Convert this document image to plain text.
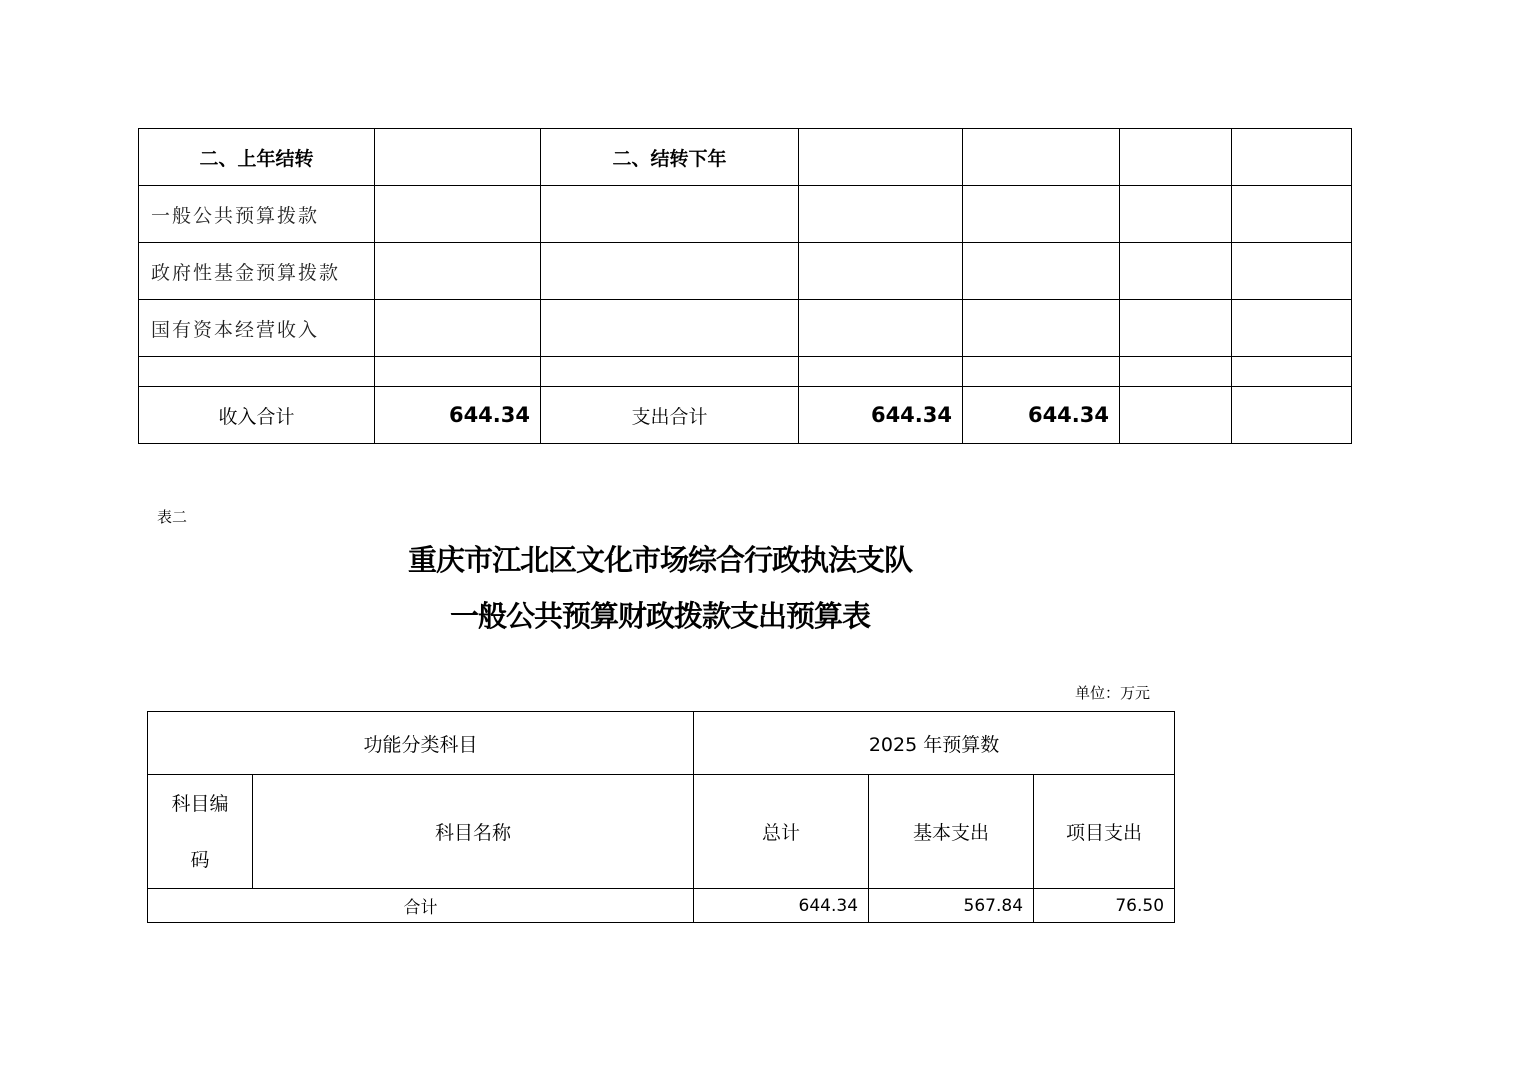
二、上年结转		二、结转下年				
一般公共预算拨款						
政府性基金预算拨款						
国有资本经营收入						

收入合计	644.34	支出合计	644.34	644.34		
表二
重庆市江北区文化市场综合行政执法支队
一般公共预算财政拨款支出预算表
单位：万元
功能分类科目		2025 年预算数		

科目编
码	科目名称	总计	基本支出	项目支出
合计		644.34	567.84	76.50
